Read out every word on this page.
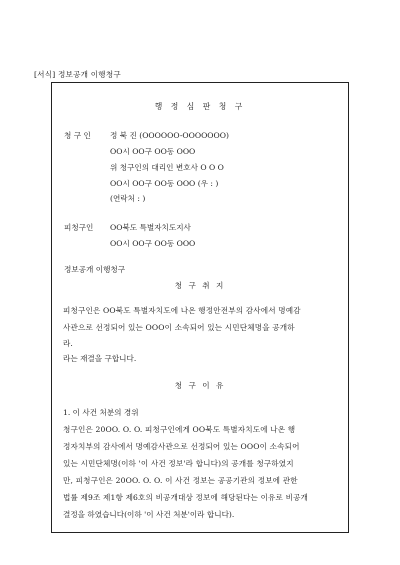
[서식] 정보공개 이행청구
행 정 심 판 청 구
청 구 인	정 북 진 (OOOOOO-OOOOOOO)
OO시 OO구 OO동 OOO
위 청구인의 대리인 변호사 O O O
OO시 OO구 OO동 OOO (우 : )
(연락처 : )
피청구인 OO북도 특별자치도지사
OO시 OO구 OO동 OOO
정보공개 이행청구
청 구 취 지
피청구인은 OO북도 특별자치도에 나온 행정안전부의 감사에서 명예감
사관으로 선정되어 있는 OOO이 소속되어 있는 시민단체명을 공개하
라.
라는 재결을 구합니다.
청 구 이 유
1. 이 사건 처분의 경위
청구인은 20OO. O. O. 피청구인에게 OO북도 특별자치도에 나온 행
정자치부의 감사에서 명예감사관으로 선정되어 있는 OOO이 소속되어
있는 시민단체명(이하 '이 사건 정보'라 합니다)의 공개를 청구하였지
만, 피청구인은 20OO. O. O. 이 사건 정보는 공공기관의 정보에 관한
법률 제9조 제1항 제6호의 비공개대상 정보에 해당된다는 이유로 비공개
결정을 하였습니다(이하 '이 사건 처분'이라 합니다).
